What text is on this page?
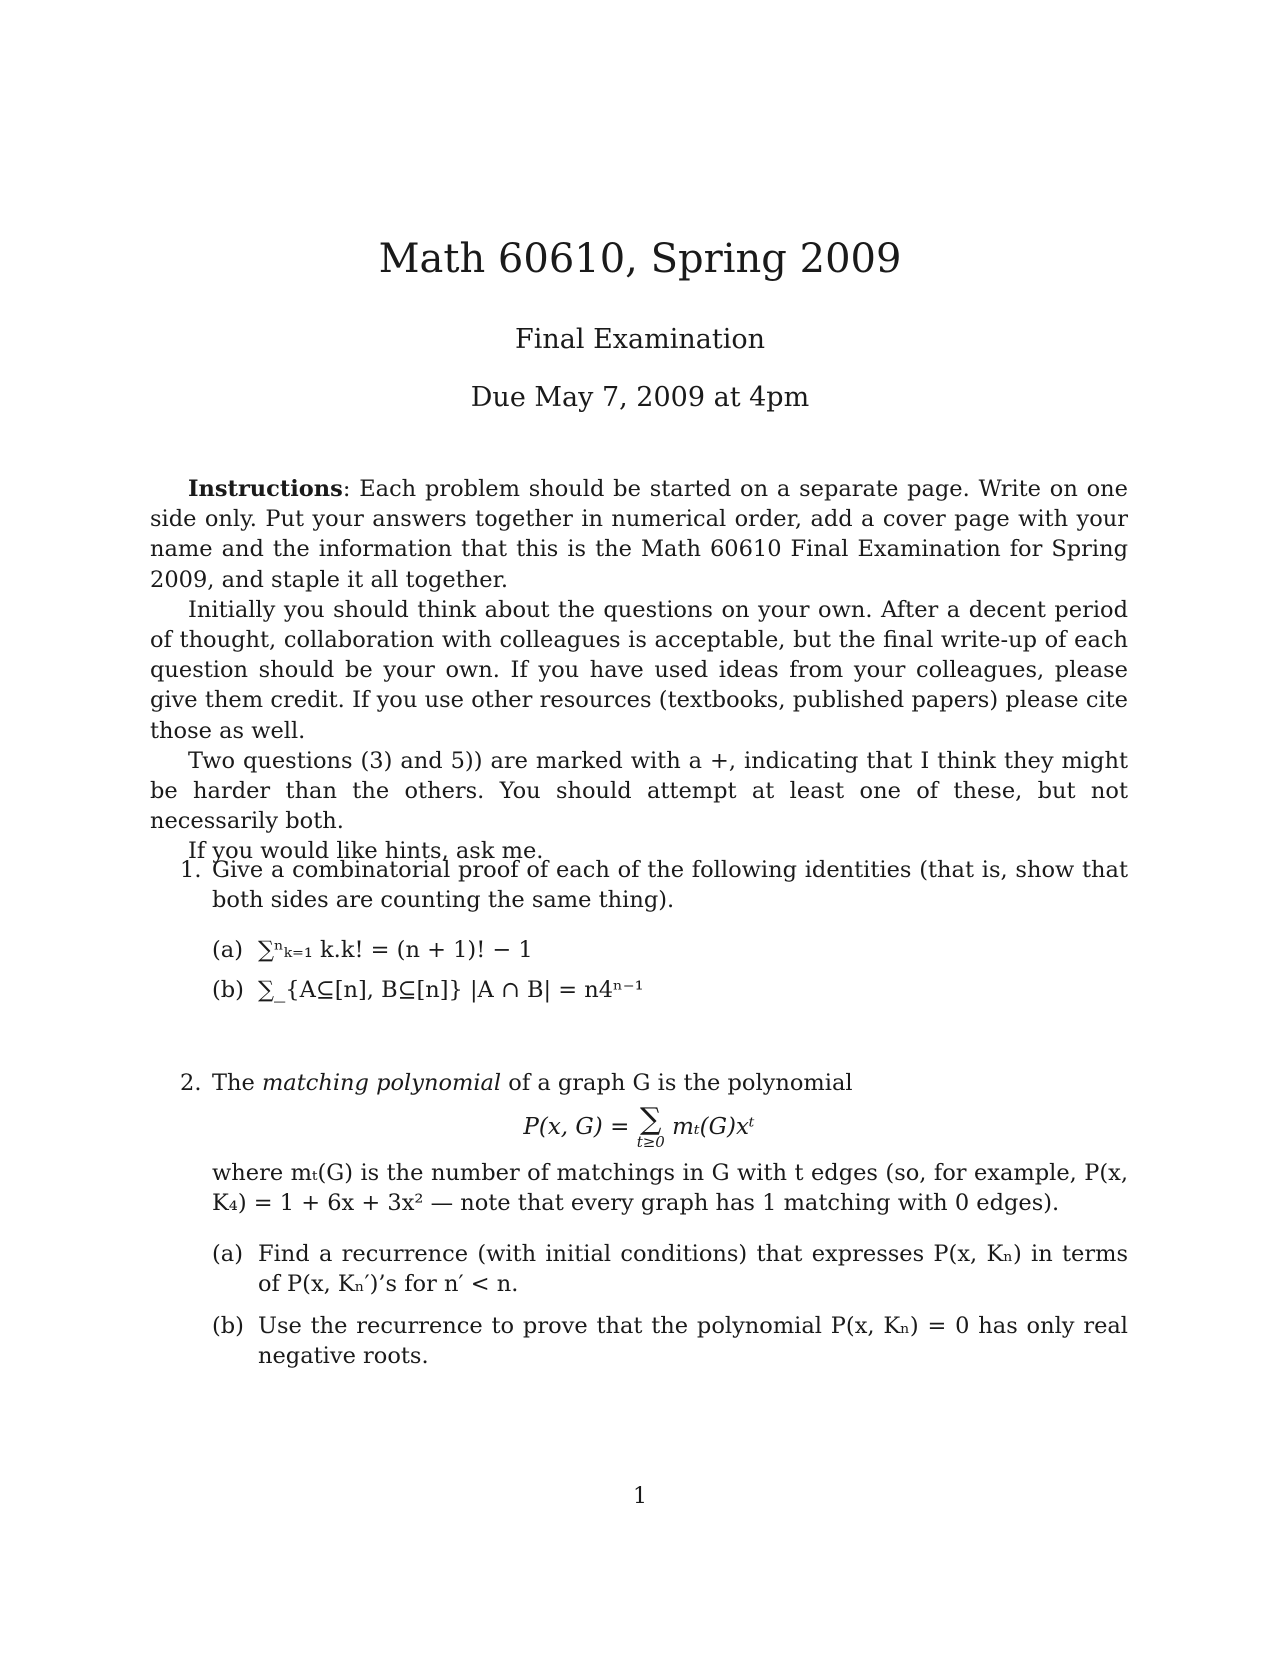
Math 60610, Spring 2009
Final Examination
Due May 7, 2009 at 4pm

Instructions: Each problem should be started on a separate page. Write on one side only. Put your answers together in numerical order, add a cover page with your name and the information that this is the Math 60610 Final Examination for Spring 2009, and staple it all together.

Initially you should think about the questions on your own. After a decent period of thought, collaboration with colleagues is acceptable, but the final write-up of each question should be your own. If you have used ideas from your colleagues, please give them credit. If you use other resources (textbooks, published papers) please cite those as well.

Two questions (3) and 5)) are marked with a +, indicating that I think they might be harder than the others. You should attempt at least one of these, but not necessarily both.

If you would like hints, ask me.

1. Give a combinatorial proof of each of the following identities (that is, show that both sides are counting the same thing).
(a) ∑ⁿₖ₌₁ k.k! = (n + 1)! − 1
(b) ∑_{A⊆[n], B⊆[n]} |A ∩ B| = n4ⁿ⁻¹
2. The matching polynomial of a graph G is the polynomial
P(x, G) = ∑
t≥0
mₜ(G)xᵗ
where mₜ(G) is the number of matchings in G with t edges (so, for example, P(x, K₄) = 1 + 6x + 3x² — note that every graph has 1 matching with 0 edges).
(a) Find a recurrence (with initial conditions) that expresses P(x, Kₙ) in terms of P(x, Kₙ′)’s for n′ < n.
(b) Use the recurrence to prove that the polynomial P(x, Kₙ) = 0 has only real negative roots.
1
